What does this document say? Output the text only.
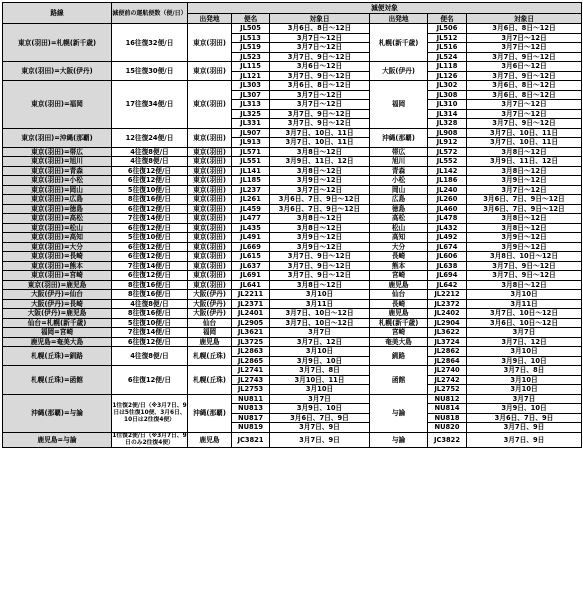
路線	減便前の運航便数（便/日）	減便対象					
		出発地	便名	対象日	出発地	便名	対象日
東京(羽田)=札幌(新千歳)	16往復32便/日	東京(羽田)	JL505	3月6日、8日～12日	札幌(新千歳)	JL506	3月6日、8日～12日
			JL513	3月7日～12日		JL512	3月7日～12日
			JL519	3月7日～12日		JL516	3月7日～12日
			JL523	3月7日、9日～12日		JL524	3月7日、9日～12日
東京(羽田)=大阪(伊丹)	15往復30便/日	東京(羽田)	JL115	3月6日～12日	大阪(伊丹)	JL118	3月6日～12日
			JL121	3月7日、9日～12日		JL126	3月7日、9日～12日
東京(羽田)=福岡	17往復34便/日	東京(羽田)	JL303	3月6日、8日～12日	福岡	JL302	3月6日、8日～12日
			JL307	3月7日～12日		JL308	3月6日、8日～12日
			JL313	3月7日～12日		JL310	3月7日～12日
			JL325	3月7日、9日～12日		JL314	3月7日～12日
			JL331	3月7日、9日～12日		JL328	3月7日、9日～12日
東京(羽田)=沖縄(那覇)	12往復24便/日	東京(羽田)	JL907	3月7日、10日、11日	沖縄(那覇)	JL908	3月7日、10日、11日
			JL913	3月7日、10日、11日		JL912	3月7日、10日、11日
東京(羽田)=帯広	4往復8便/日	東京(羽田)	JL571	3月8日～12日	帯広	JL572	3月8日～12日
東京(羽田)=旭川	4往復8便/日	東京(羽田)	JL551	3月9日、11日、12日	旭川	JL552	3月9日、11日、12日
東京(羽田)=青森	6往復12便/日	東京(羽田)	JL141	3月8日～12日	青森	JL142	3月8日～12日
東京(羽田)=小松	6往復12便/日	東京(羽田)	JL185	3月9日～12日	小松	JL186	3月9日～12日
東京(羽田)=岡山	5往復10便/日	東京(羽田)	JL237	3月7日～12日	岡山	JL240	3月7日～12日
東京(羽田)=広島	8往復16便/日	東京(羽田)	JL261	3月6日、7日、9日～12日	広島	JL260	3月6日、7日、9日～12日
東京(羽田)=徳島	6往復12便/日	東京(羽田)	JL459	3月6日、7日、9日～12日	徳島	JL460	3月6日、7日、9日～12日
東京(羽田)=高松	7往復14便/日	東京(羽田)	JL477	3月8日～12日	高松	JL478	3月8日～12日
東京(羽田)=松山	6往復12便/日	東京(羽田)	JL435	3月8日～12日	松山	JL432	3月8日～12日
東京(羽田)=高知	5往復10便/日	東京(羽田)	JL491	3月9日～12日	高知	JL492	3月9日～12日
東京(羽田)=大分	6往復12便/日	東京(羽田)	JL669	3月9日～12日	大分	JL674	3月9日～12日
東京(羽田)=長崎	6往復12便/日	東京(羽田)	JL615	3月7日、9日～12日	長崎	JL606	3月8日、10日～12日
東京(羽田)=熊本	7往復14便/日	東京(羽田)	JL637	3月7日、9日～12日	熊本	JL638	3月7日、9日～12日
東京(羽田)=宮崎	6往復12便/日	東京(羽田)	JL691	3月7日、9日～12日	宮崎	JL694	3月7日、9日～12日
東京(羽田)=鹿児島	8往復16便/日	東京(羽田)	JL641	3月8日～12日	鹿児島	JL642	3月8日～12日
大阪(伊丹)=仙台	8往復16便/日	大阪(伊丹)	JL2211	3月10日	仙台	JL2212	3月10日
大阪(伊丹)=長崎	4往復8便/日	大阪(伊丹)	JL2371	3月11日	長崎	JL2372	3月11日
大阪(伊丹)=鹿児島	8往復16便/日	大阪(伊丹)	JL2401	3月7日、10日～12日	鹿児島	JL2402	3月7日、10日～12日
仙台=札幌(新千歳)	5往復10便/日	仙台	JL2905	3月7日、10日～12日	札幌(新千歳)	JL2904	3月6日、10日～12日
福岡=宮崎	7往復14便/日	福岡	JL3621	3月7日	宮崎	JL3622	3月7日
鹿児島=奄美大島	6往復12便/日	鹿児島	JL3725	3月7日、12日	奄美大島	JL3724	3月7日、12日
札幌(丘珠)=釧路	4往復8便/日	札幌(丘珠)	JL2863	3月10日	釧路	JL2862	3月10日
			JL2865	3月9日、10日		JL2864	3月9日、10日
札幌(丘珠)=函館	6往復12便/日	札幌(丘珠)	JL2741	3月7日、8日	函館	JL2740	3月7日、8日
			JL2743	3月10日、11日		JL2742	3月10日
			JL2753	3月10日		JL2752	3月10日
沖縄(那覇)=与論	1往復2便/日（※3月7日、9日は5往復10便、3月6日、10日は2往復4便）	沖縄(那覇)	NU811	3月7日	与論	NU812	3月7日
			NU813	3月9日、10日		NU814	3月9日、10日
			NU817	3月6日、7日、9日		NU818	3月6日、7日、9日
			NU819	3月7日、9日		NU820	3月7日、9日
鹿児島=与論	1往復2便/日（※3月7日、9日のみ2往復4便）	鹿児島	JC3821	3月7日、9日	与論	JC3822	3月7日、9日
